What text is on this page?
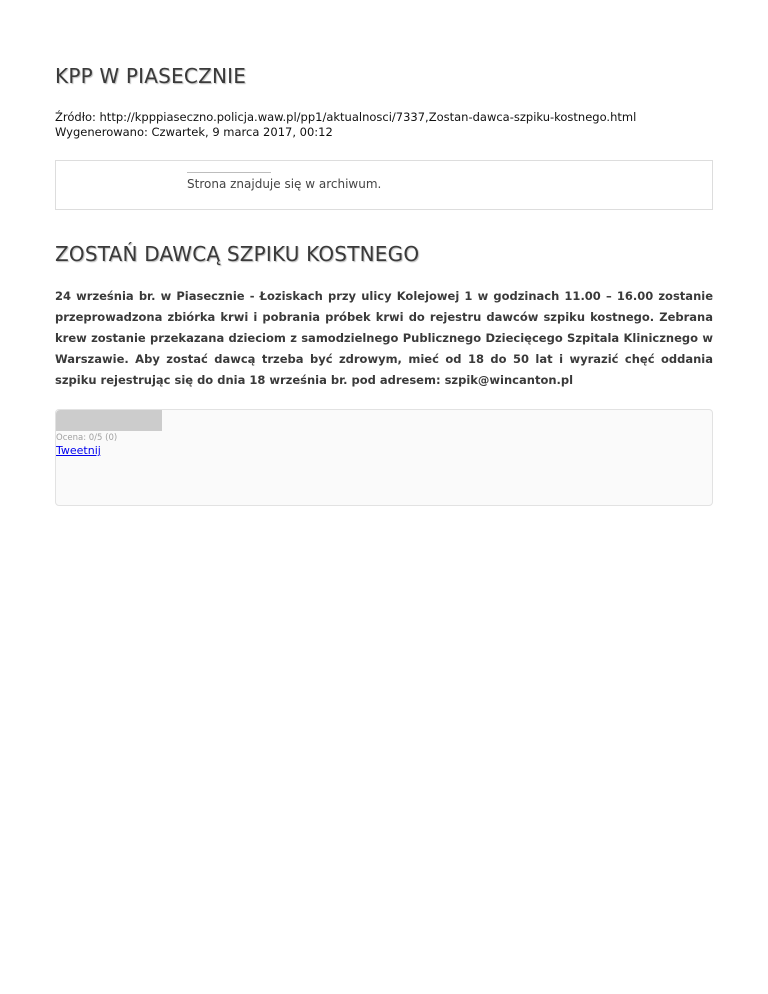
KPP W PIASECZNIE
Źródło: http://kpppiaseczno.policja.waw.pl/pp1/aktualnosci/7337,Zostan-dawca-szpiku-kostnego.html
Wygenerowano: Czwartek, 9 marca 2017, 00:12
Strona znajduje się w archiwum.
ZOSTAŃ DAWCĄ SZPIKU KOSTNEGO

24 września br. w Piasecznie - Łoziskach przy ulicy Kolejowej 1 w godzinach 11.00 – 16.00 zostanie przeprowadzona zbiórka krwi i pobrania próbek krwi do rejestru dawców szpiku kostnego. Zebrana krew zostanie przekazana dzieciom z samodzielnego Publicznego Dziecięcego Szpitala Klinicznego w Warszawie. Aby zostać dawcą trzeba być zdrowym, mieć od 18 do 50 lat i wyrazić chęć oddania szpiku rejestrując się do dnia 18 września br. pod adresem: szpik@wincanton.pl

Ocena: 0/5 (0)
Tweetnij
